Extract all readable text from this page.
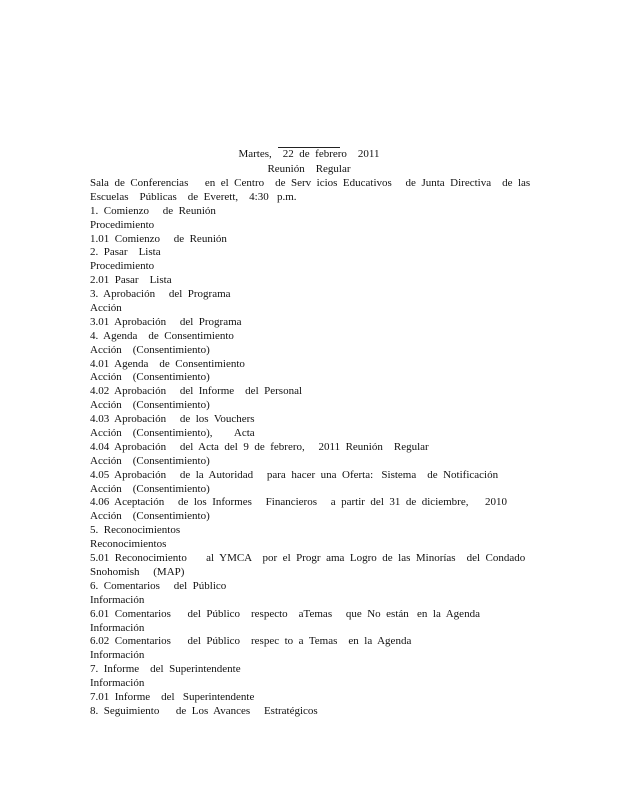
Martes,    22  de  febrero    2011
Reunión    Regular
Sala  de  Conferencias      en  el  Centro    de  Serv  icios  Educativos     de  Junta  Directiva    de  las
Escuelas    Públicas    de  Everett,    4:30   p.m.
1.  Comienzo     de  Reunión
Procedimiento
1.01  Comienzo     de  Reunión
2.  Pasar    Lista
Procedimiento
2.01  Pasar    Lista
3.  Aprobación     del  Programa
Acción
3.01  Aprobación     del  Programa
4.  Agenda    de  Consentimiento
Acción    (Consentimiento)
4.01  Agenda    de  Consentimiento
Acción    (Consentimiento)
4.02  Aprobación     del  Informe    del  Personal
Acción    (Consentimiento)
4.03  Aprobación     de  los  Vouchers
Acción    (Consentimiento),        Acta
4.04  Aprobación     del  Acta  del  9  de  febrero,     2011  Reunión    Regular
Acción    (Consentimiento)
4.05  Aprobación     de  la  Autoridad     para  hacer  una  Oferta:   Sistema    de  Notificación
Acción    (Consentimiento)
4.06  Aceptación     de  los  Informes     Financieros     a  partir  del  31  de  diciembre,      2010
Acción    (Consentimiento)
5.  Reconocimientos
Reconocimientos
5.01  Reconocimiento       al  YMCA    por  el  Progr  ama  Logro  de  las  Minorías    del  Condado
Snohomish     (MAP)
6.  Comentarios     del  Público
Información
6.01  Comentarios      del  Público    respecto    aTemas     que  No  están   en  la  Agenda
Información
6.02  Comentarios      del  Público    respec  to  a  Temas    en  la  Agenda
Información
7.  Informe    del  Superintendente
Información
7.01  Informe    del   Superintendente
8.  Seguimiento      de  Los  Avances     Estratégicos
